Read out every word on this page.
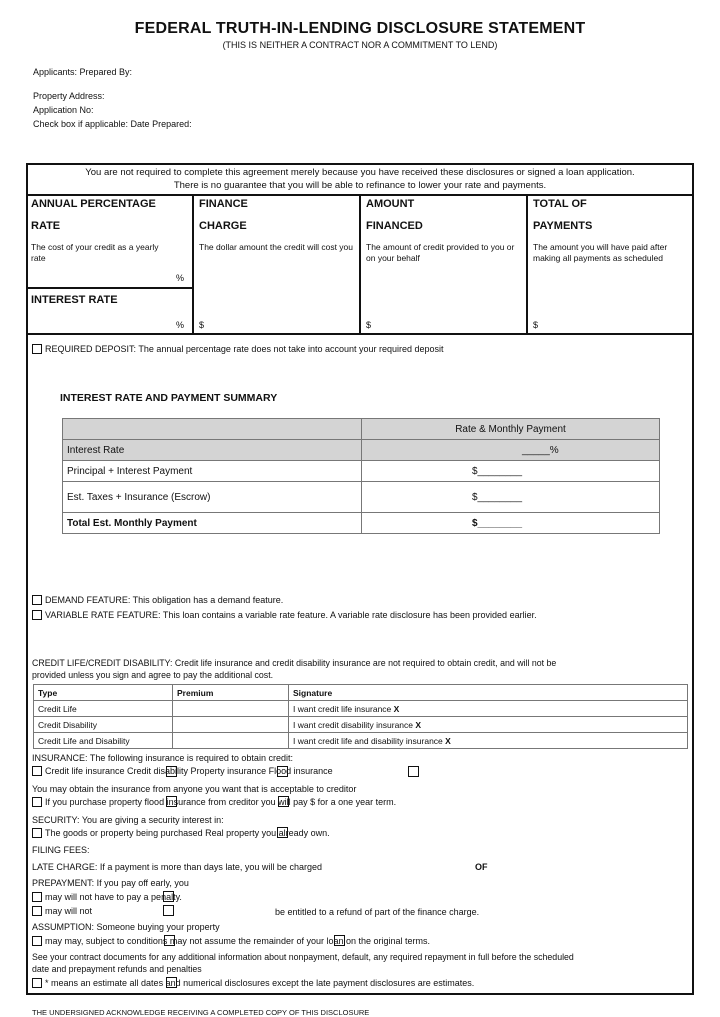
FEDERAL TRUTH-IN-LENDING DISCLOSURE STATEMENT
(THIS IS NEITHER A CONTRACT NOR A COMMITMENT TO LEND)
Applicants: Prepared By:
Property Address:
Application No:
Check box if applicable: Date Prepared:
You are not required to complete this agreement merely because you have received these disclosures or signed a loan application.
There is no guarantee that you will be able to refinance to lower your rate and payments.
ANNUAL PERCENTAGE
RATE
The cost of your credit as a yearly rate
%
INTEREST RATE
%
FINANCE
CHARGE
The dollar amount the credit will cost you
$
AMOUNT
FINANCED
The amount of credit provided to you or on your behalf
$
TOTAL OF
PAYMENTS
The amount you will have paid after making all payments as scheduled
$
REQUIRED DEPOSIT: The annual percentage rate does not take into account your required deposit
INTEREST RATE AND PAYMENT SUMMARY
	Rate & Monthly Payment
Interest Rate	_____%
Principal + Interest Payment	$________
Est. Taxes + Insurance (Escrow)	$________
Total Est. Monthly Payment	$________
DEMAND FEATURE: This obligation has a demand feature.
VARIABLE RATE FEATURE: This loan contains a variable rate feature. A variable rate disclosure has been provided earlier.
CREDIT LIFE/CREDIT DISABILITY: Credit life insurance and credit disability insurance are not required to obtain credit, and will not be
provided unless you sign and agree to pay the additional cost.
Type	Premium	Signature
Credit Life		I want credit life insurance X
Credit Disability		I want credit disability insurance X
Credit Life and Disability		I want credit life and disability insurance X
INSURANCE: The following insurance is required to obtain credit:
Credit life insurance Credit disability Property insurance Flood insurance
You may obtain the insurance from anyone you want that is acceptable to creditor
If you purchase property flood insurance from creditor you will pay $ for a one year term.
SECURITY: You are giving a security interest in:
The goods or property being purchased Real property you already own.
FILING FEES:
LATE CHARGE: If a payment is more than days late, you will be charged	OF
PREPAYMENT: If you pay off early, you
may will not have to pay a penalty.
may will not	be entitled to a refund of part of the finance charge.
ASSUMPTION: Someone buying your property
may may, subject to conditions may not assume the remainder of your loan on the original terms.
See your contract documents for any additional information about nonpayment, default, any required repayment in full before the scheduled
date and prepayment refunds and penalties
* means an estimate all dates and numerical disclosures except the late payment disclosures are estimates.
THE UNDERSIGNED ACKNOWLEDGE RECEIVING A COMPLETED COPY OF THIS DISCLOSURE
